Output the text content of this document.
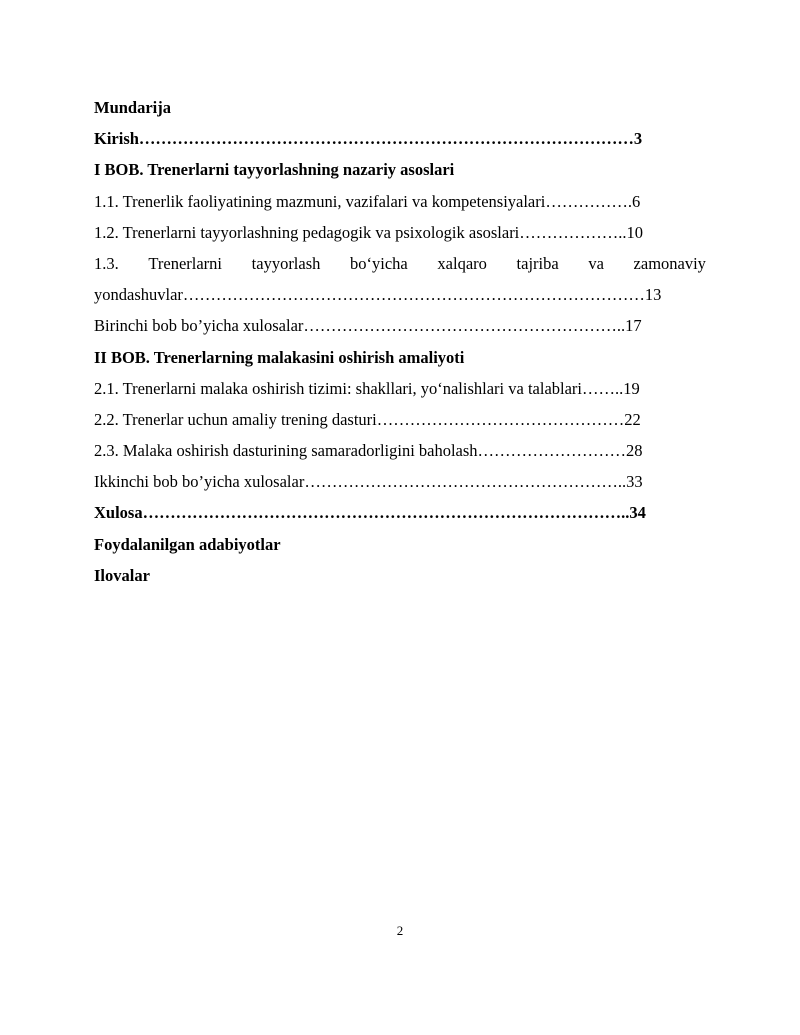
Mundarija

Kirish………………………………………………………………………………3

I BOB. Trenerlarni tayyorlashning nazariy asoslari

1.1. Trenerlik faoliyatining mazmuni, vazifalari va kompetensiyalari…………….6

1.2. Trenerlarni tayyorlashning pedagogik va psixologik asoslari………………..10

1.3. Trenerlarni tayyorlash bo‘yicha xalqaro tajriba va zamonaviy

yondashuvlar…………………………………………………………………………13

Birinchi bob bo’yicha xulosalar…………………………………………………..17

II BOB. Trenerlarning malakasini oshirish amaliyoti

2.1. Trenerlarni malaka oshirish tizimi: shakllari, yo‘nalishlari va talablari……..19

2.2. Trenerlar uchun amaliy trening dasturi………………………………………22

2.3. Malaka oshirish dasturining samaradorligini baholash………………………28

Ikkinchi bob bo’yicha xulosalar…………………………………………………..33

Xulosa……………………………………………………………………………..34

Foydalanilgan adabiyotlar

Ilovalar

2
